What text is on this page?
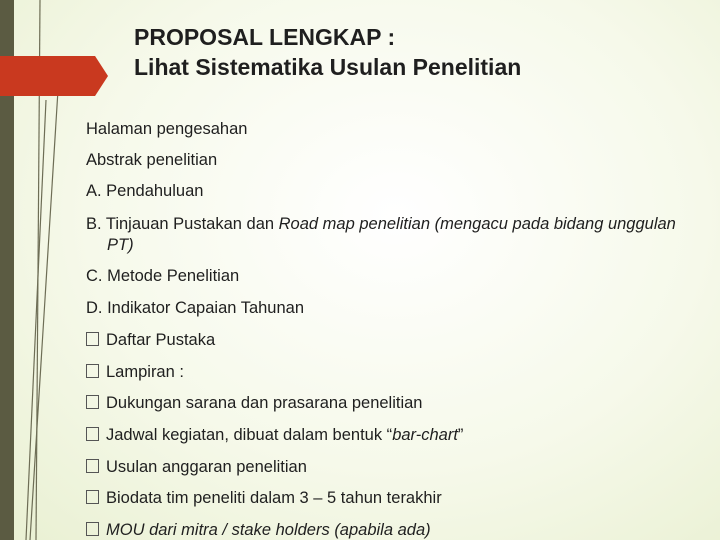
PROPOSAL LENGKAP :
Lihat Sistematika Usulan Penelitian
Halaman pengesahan
Abstrak penelitian
A. Pendahuluan
B. Tinjauan Pustakan dan Road map penelitian (mengacu pada bidang unggulan
PT)
C. Metode Penelitian
D. Indikator Capaian Tahunan
Daftar Pustaka
Lampiran :
Dukungan sarana dan prasarana penelitian
Jadwal kegiatan, dibuat dalam bentuk “bar-chart”
Usulan anggaran penelitian
Biodata tim peneliti dalam 3 – 5 tahun terakhir
MOU dari mitra / stake holders (apabila ada)
